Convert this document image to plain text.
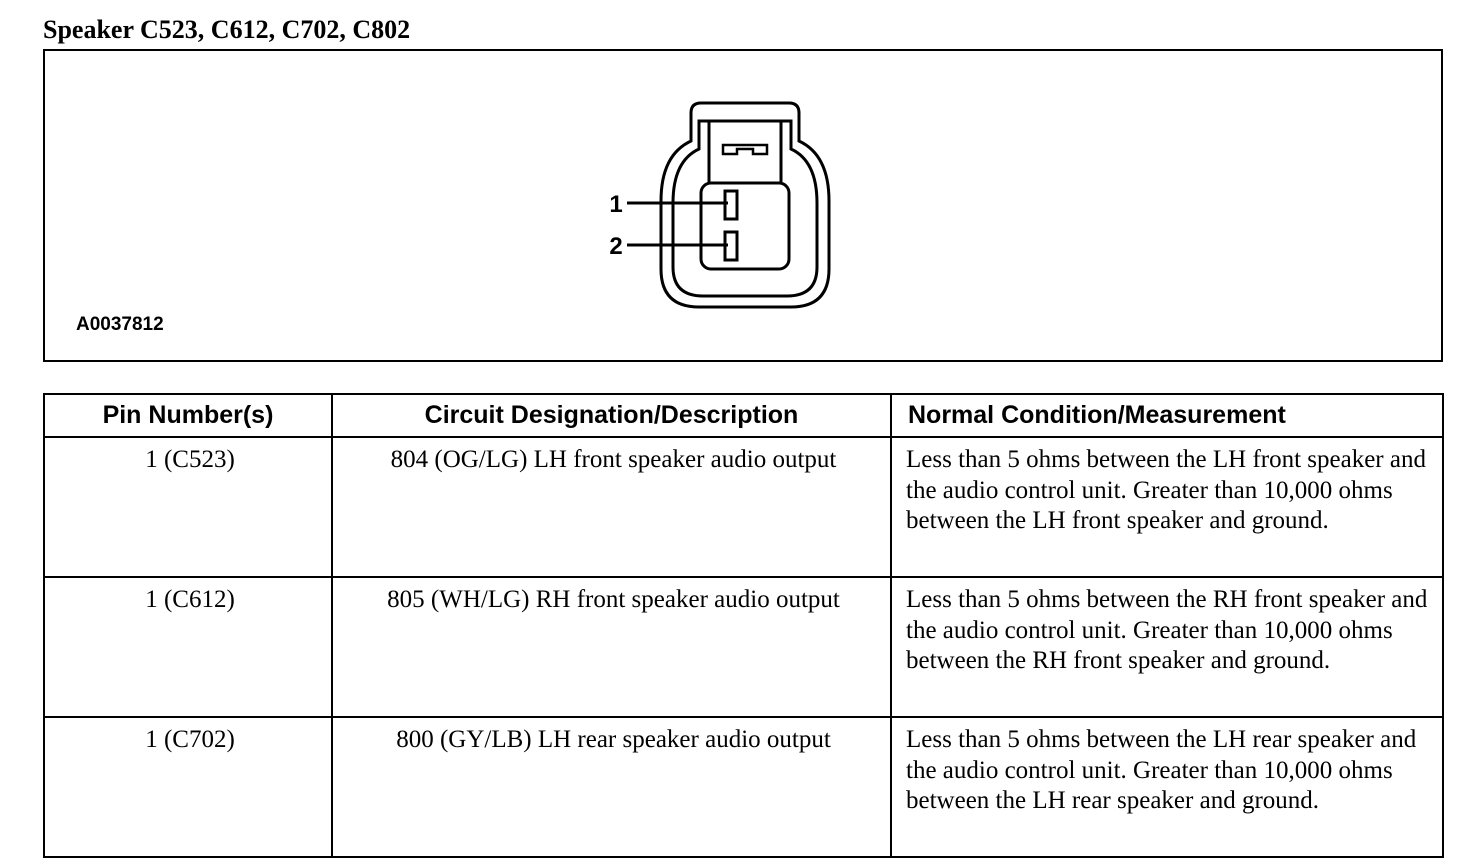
Speaker C523, C612, C702, C802
1
2
A0037812
Pin Number(s)	Circuit Designation/Description	Normal Condition/Measurement
1 (C523)	804 (OG/LG) LH front speaker audio output	Less than 5 ohms between the LH front speaker and the audio control unit. Greater than 10,000 ohms between the LH front speaker and ground.
1 (C612)	805 (WH/LG) RH front speaker audio output	Less than 5 ohms between the RH front speaker and the audio control unit. Greater than 10,000 ohms between the RH front speaker and ground.
1 (C702)	800 (GY/LB) LH rear speaker audio output	Less than 5 ohms between the LH rear speaker and the audio control unit. Greater than 10,000 ohms between the LH rear speaker and ground.
